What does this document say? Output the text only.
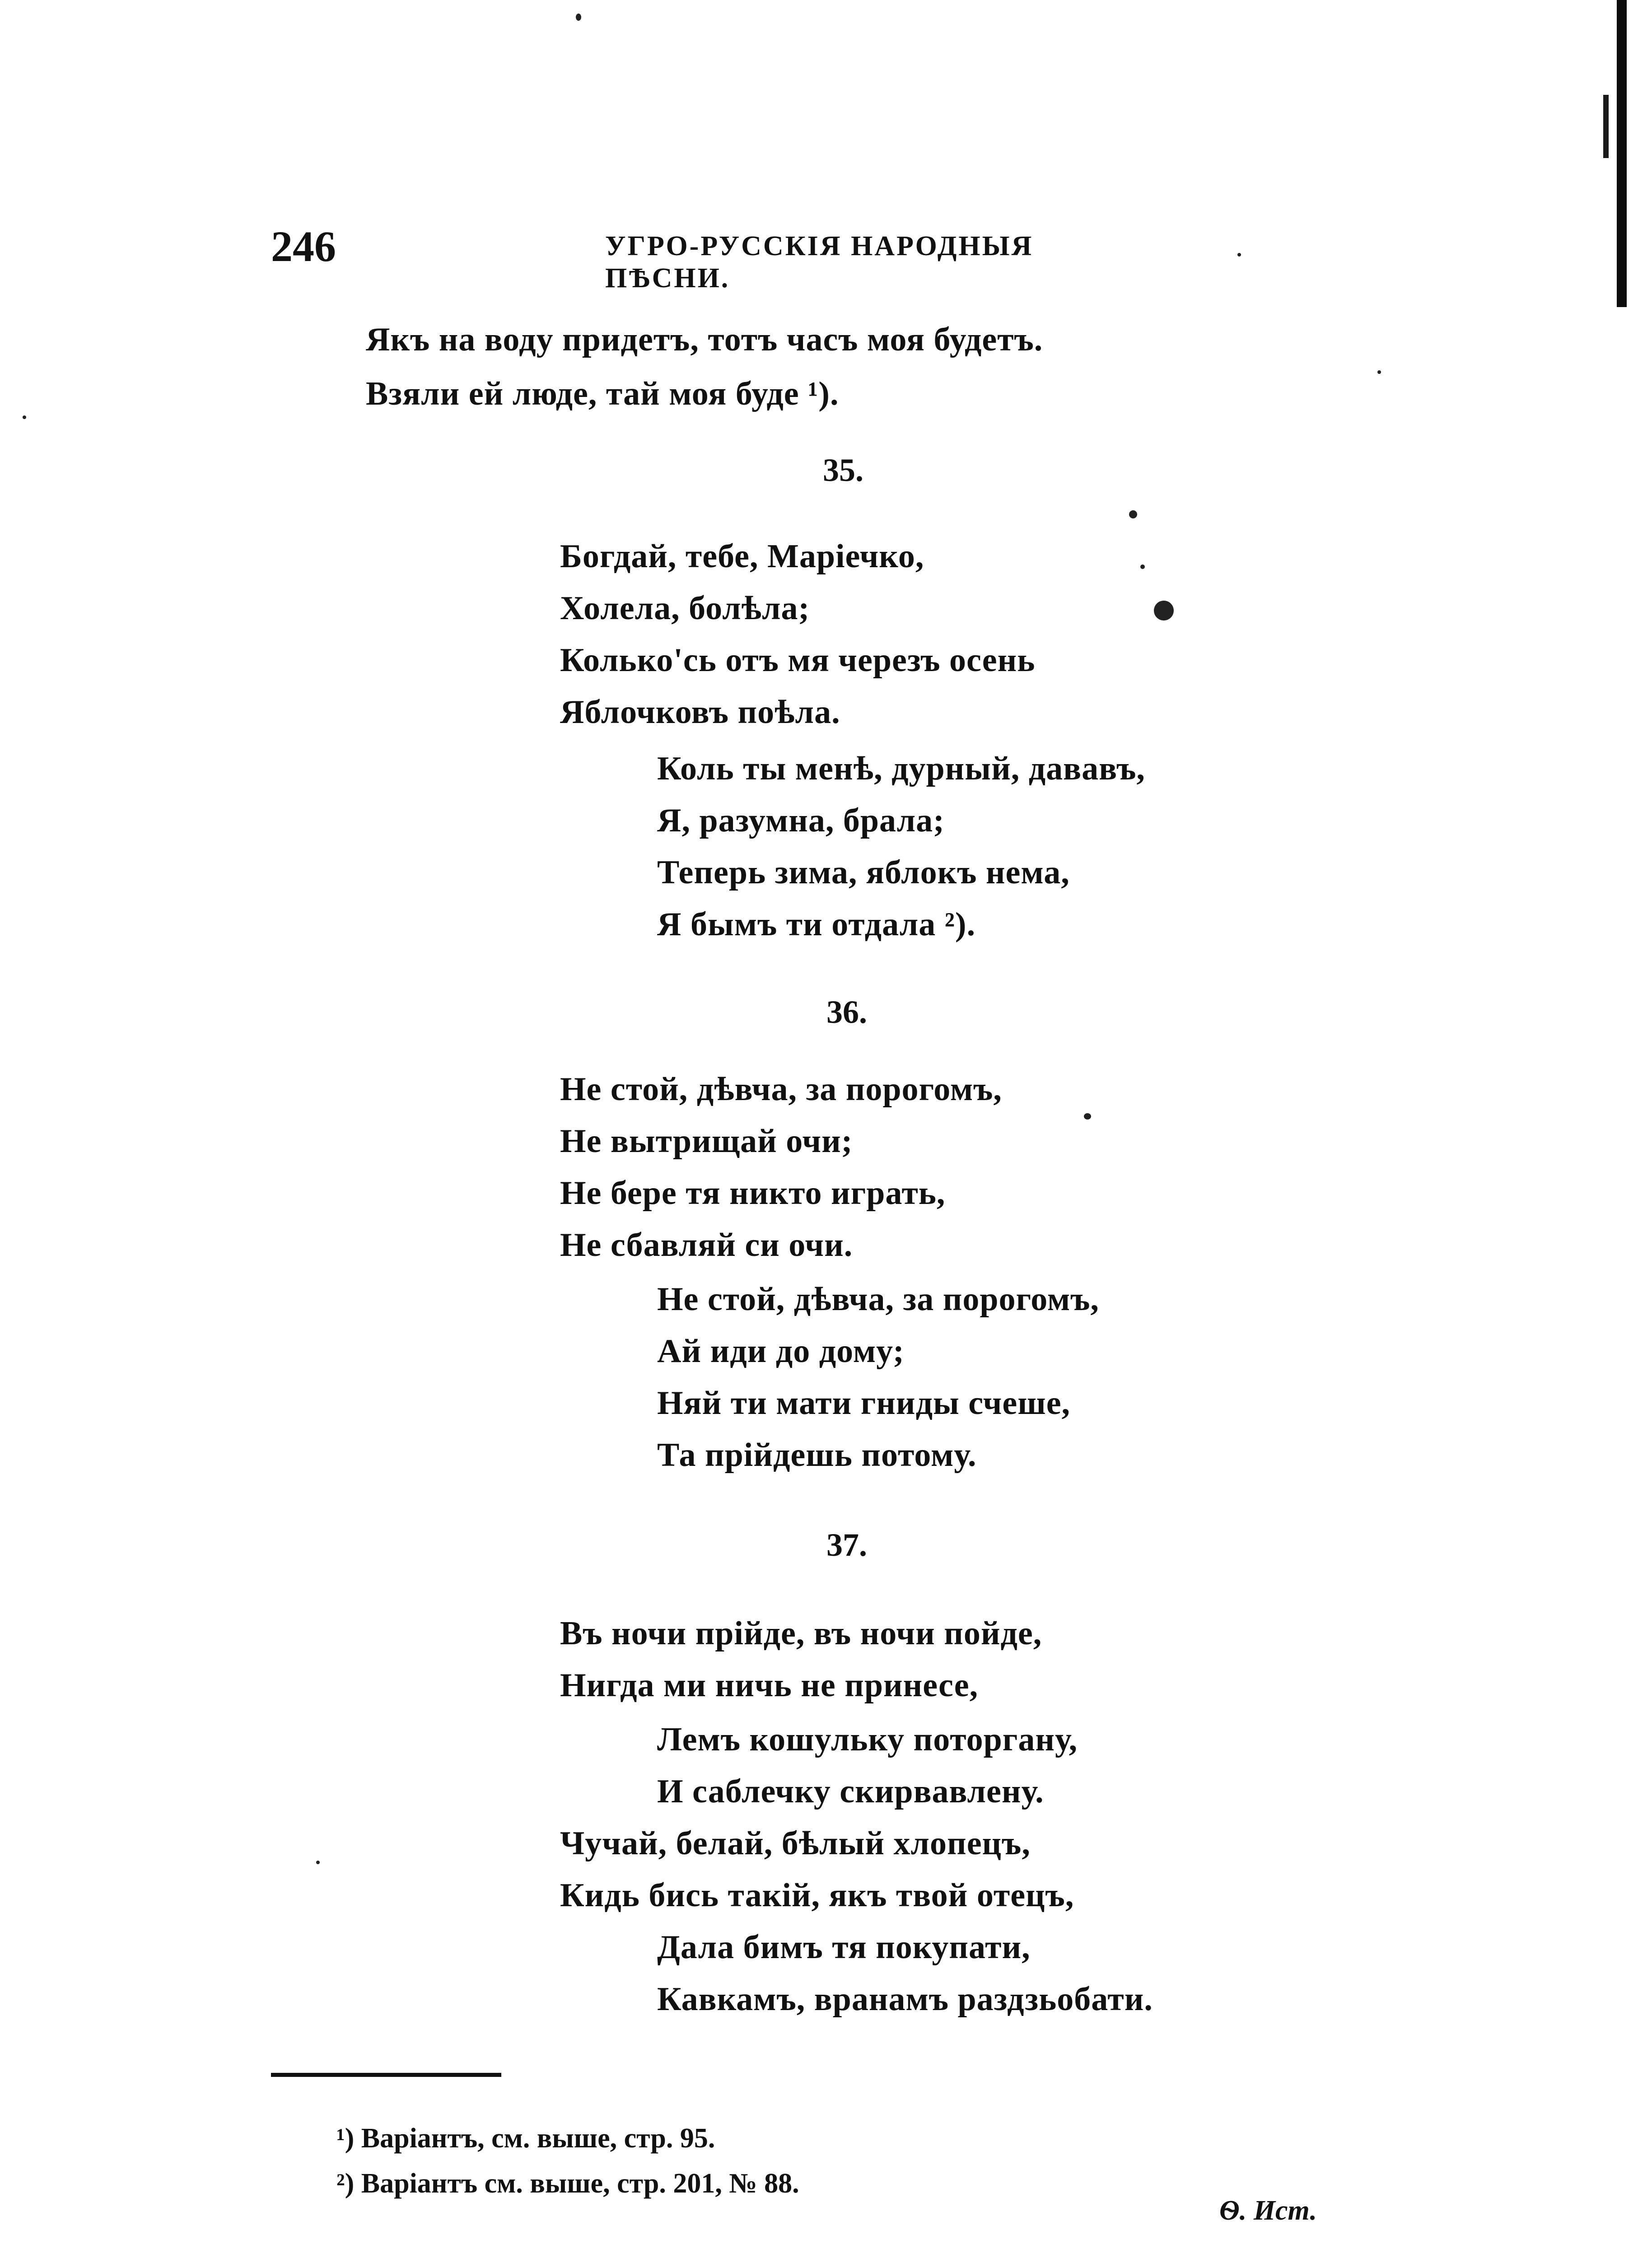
246	УГРО-РУССКІЯ НАРОДНЫЯ ПѢСНИ.
Якъ на воду придетъ, тотъ часъ моя будетъ.
Взяли ей люде, тай моя буде ¹).
35.
Богдай, тебе, Маріечко,
Холела, болѣла;
Колько'сь отъ мя черезъ осень
Яблочковъ поѣла.
Коль ты менѣ, дурный, дававъ,
Я, разумна, брала;
Теперь зима, яблокъ нема,
Я бымъ ти отдала ²).
36.
Не стой, дѣвча, за порогомъ,
Не вытрищай очи;
Не бере тя никто играть,
Не сбавляй си очи.
Не стой, дѣвча, за порогомъ,
Ай иди до дому;
Няй ти мати гниды счеше,
Та прійдешь потому.
37.
Въ ночи прійде, въ ночи пойде,
Нигда ми ничь не принесе,
Лемъ кошульку поторгану,
И саблечку скирвавлену.
Чучай, белай, бѣлый хлопецъ,
Кидь бись такій, якъ твой отецъ,
Дала бимъ тя покупати,
Кавкамъ, вранамъ раздзьобати.
¹) Варіантъ, см. выше, стр. 95.
²) Варіантъ см. выше, стр. 201, № 88.
Ѳ. Ист.
